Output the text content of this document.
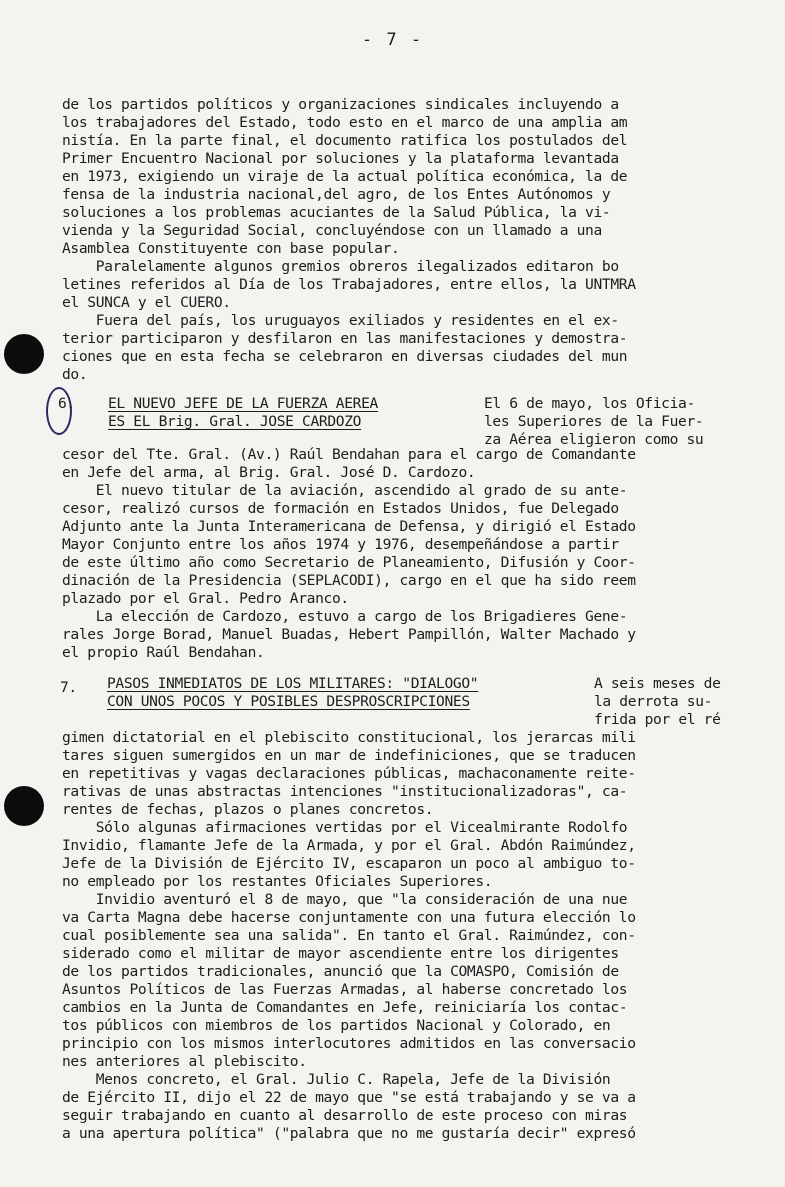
- 7 -
de los partidos políticos y organizaciones sindicales incluyendo a
los trabajadores del Estado, todo esto en el marco de una amplia am
nistía. En la parte final, el documento ratifica los postulados del
Primer Encuentro Nacional por soluciones y la plataforma levantada
en 1973, exigiendo un viraje de la actual política económica, la de
fensa de la industria nacional,del agro, de los Entes Autónomos y
soluciones a los problemas acuciantes de la Salud Pública, la vi-
vienda y la Seguridad Social, concluyéndose con un llamado a una
Asamblea Constituyente con base popular.
Paralelamente algunos gremios obreros ilegalizados editaron bo
letines referidos al Día de los Trabajadores, entre ellos, la UNTMRA
el SUNCA y el CUERO.
Fuera del país, los uruguayos exiliados y residentes en el ex-
terior participaron y desfilaron en las manifestaciones y demostra-
ciones que en esta fecha se celebraron en diversas ciudades del mun
do.
6. EL NUEVO JEFE DE LA FUERZA AEREA
ES EL Brig. Gral. JOSE CARDOZO
El 6 de mayo, los Oficia-
les Superiores de la Fuer-
za Aérea eligieron como su
cesor del Tte. Gral. (Av.) Raúl Bendahan para el cargo de Comandante
en Jefe del arma, al Brig. Gral. José D. Cardozo.
El nuevo titular de la aviación, ascendido al grado de su ante-
cesor, realizó cursos de formación en Estados Unidos, fue Delegado
Adjunto ante la Junta Interamericana de Defensa, y dirigió el Estado
Mayor Conjunto entre los años 1974 y 1976, desempeñándose a partir
de este último año como Secretario de Planeamiento, Difusión y Coor-
dinación de la Presidencia (SEPLACODI), cargo en el que ha sido reem
plazado por el Gral. Pedro Aranco.
La elección de Cardozo, estuvo a cargo de los Brigadieres Gene-
rales Jorge Borad, Manuel Buadas, Hebert Pampillón, Walter Machado y
el propio Raúl Bendahan.
7. PASOS INMEDIATOS DE LOS MILITARES: "DIALOGO"
CON UNOS POCOS Y POSIBLES DESPROSCRIPCIONES
A seis meses de
la derrota su-
frida por el ré
gimen dictatorial en el plebiscito constitucional, los jerarcas mili
tares siguen sumergidos en un mar de indefiniciones, que se traducen
en repetitivas y vagas declaraciones públicas, machaconamente reite-
rativas de unas abstractas intenciones "institucionalizadoras", ca-
rentes de fechas, plazos o planes concretos.
Sólo algunas afirmaciones vertidas por el Vicealmirante Rodolfo
Invidio, flamante Jefe de la Armada, y por el Gral. Abdón Raimúndez,
Jefe de la División de Ejército IV, escaparon un poco al ambiguo to-
no empleado por los restantes Oficiales Superiores.
Invidio aventuró el 8 de mayo, que "la consideración de una nue
va Carta Magna debe hacerse conjuntamente con una futura elección lo
cual posiblemente sea una salida". En tanto el Gral. Raimúndez, con-
siderado como el militar de mayor ascendiente entre los dirigentes
de los partidos tradicionales, anunció que la COMASPO, Comisión de
Asuntos Políticos de las Fuerzas Armadas, al haberse concretado los
cambios en la Junta de Comandantes en Jefe, reiniciaría los contac-
tos públicos con miembros de los partidos Nacional y Colorado, en
principio con los mismos interlocutores admitidos en las conversacio
nes anteriores al plebiscito.
Menos concreto, el Gral. Julio C. Rapela, Jefe de la División
de Ejército II, dijo el 22 de mayo que "se está trabajando y se va a
seguir trabajando en cuanto al desarrollo de este proceso con miras
a una apertura política" ("palabra que no me gustaría decir" expresó
